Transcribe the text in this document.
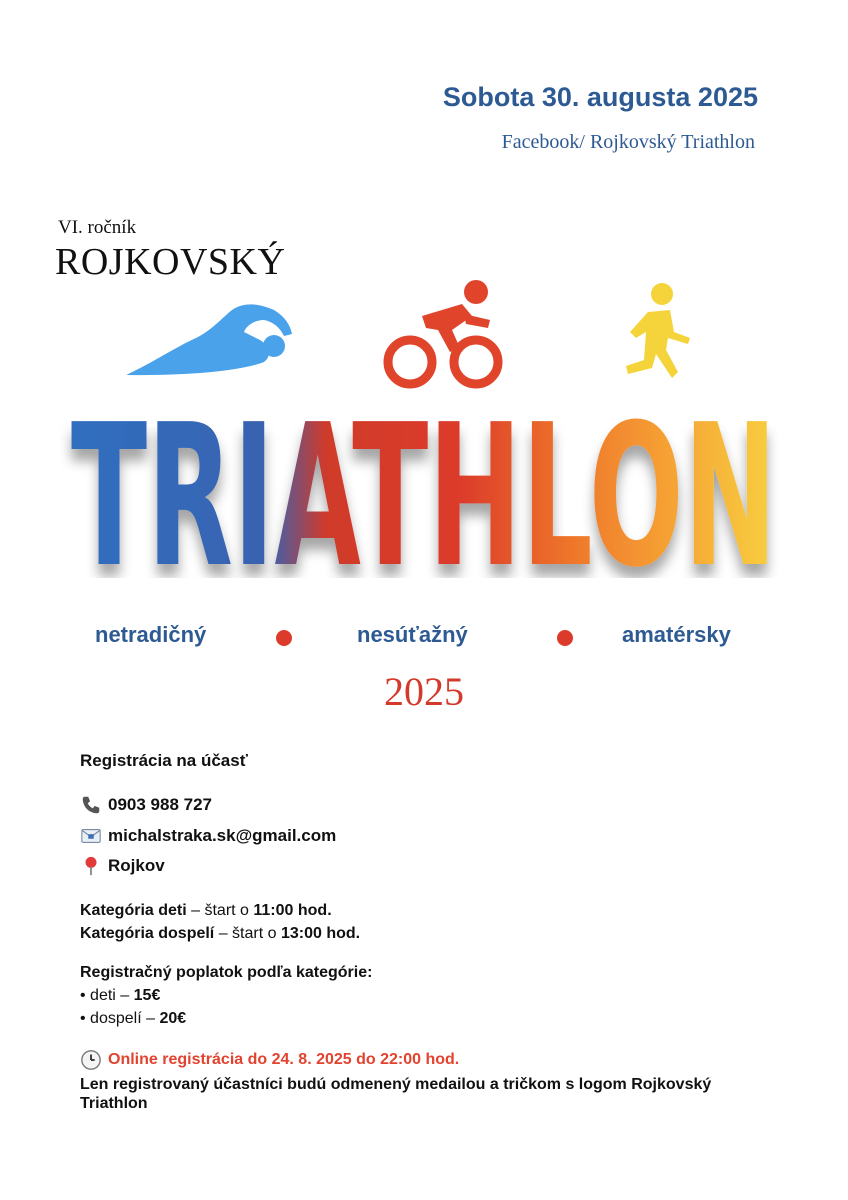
Sobota 30. augusta 2025
Facebook/ Rojkovský Triathlon
VI. ročník
ROJKOVSKÝ
TRIATHLON
netradičný	nesúťažný	amatérsky
2025
Registrácia na účasť
0903 988 727
michalstraka.sk@gmail.com
Rojkov
Kategória deti – štart o 11:00 hod.
Kategória dospelí – štart o 13:00 hod.
Registračný poplatok podľa kategórie:
• deti – 15€
• dospelí – 20€
Online registrácia do 24. 8. 2025 do 22:00 hod.
Len registrovaný účastníci budú odmenený medailou a tričkom s logom Rojkovský Triathlon
